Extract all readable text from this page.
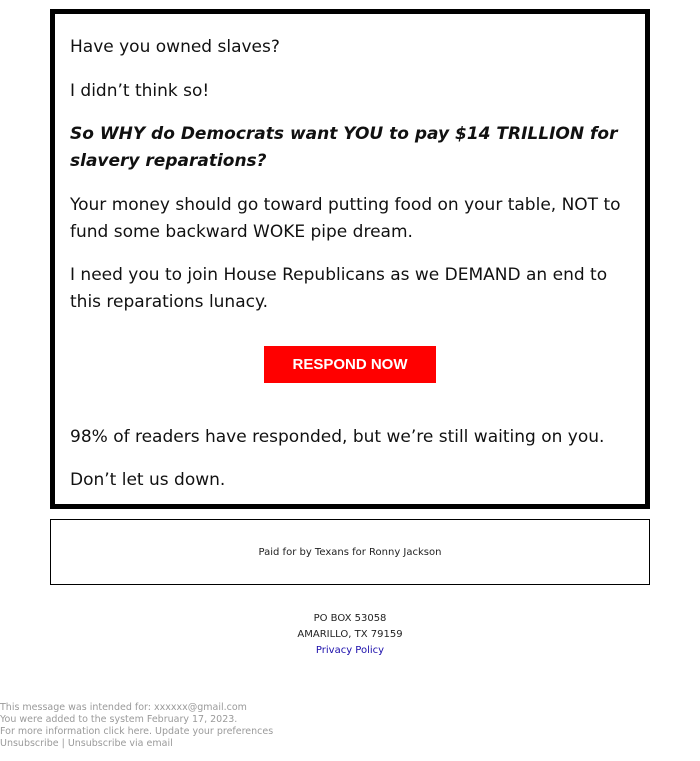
Have you owned slaves?

I didn’t think so!

So WHY do Democrats want YOU to pay $14 TRILLION for slavery reparations?

Your money should go toward putting food on your table, NOT to fund some backward WOKE pipe dream.

I need you to join House Republicans as we DEMAND an end to this reparations lunacy.

RESPOND NOW

98% of readers have responded, but we’re still waiting on you.

Don’t let us down.

Paid for by Texans for Ronny Jackson
PO BOX 53058
AMARILLO, TX 79159
Privacy Policy
This message was intended for: xxxxxx@gmail.com
You were added to the system February 17, 2023.
For more information click here. Update your preferences
Unsubscribe | Unsubscribe via email
